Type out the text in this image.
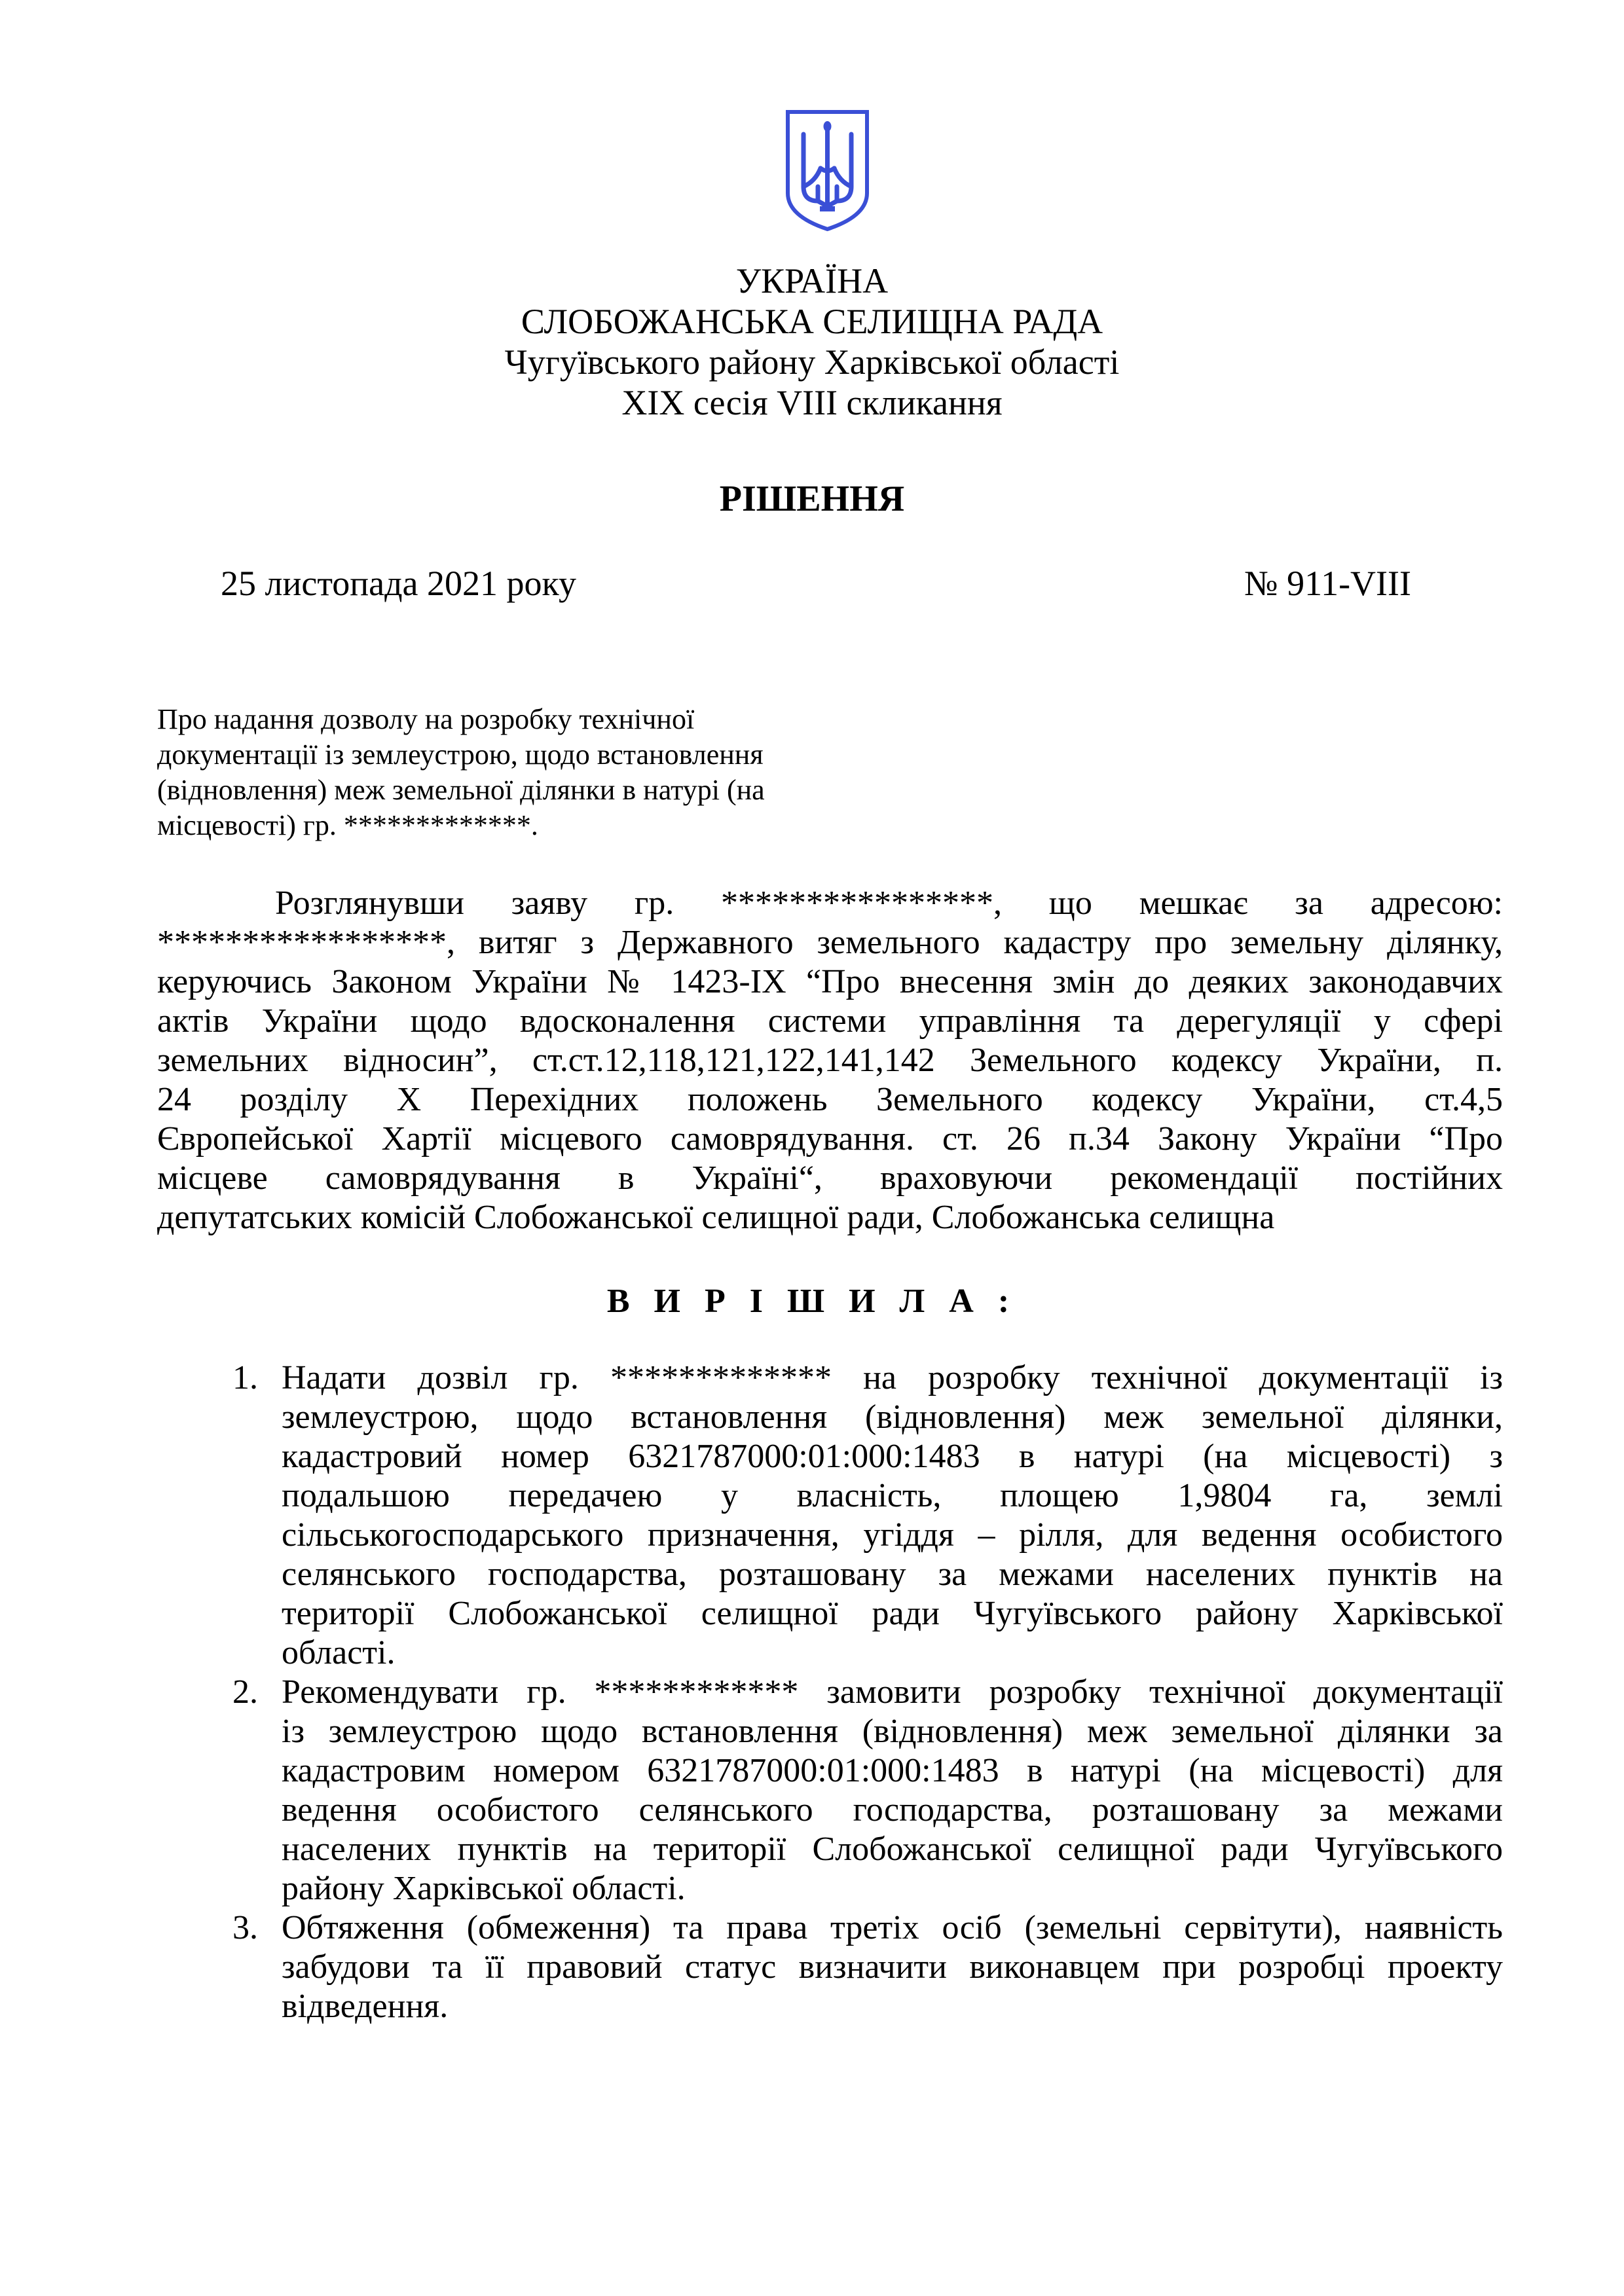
УКРАЇНА
СЛОБОЖАНСЬКА СЕЛИЩНА РАДА
Чугуївського району Харківської області
XIX сесія VIII скликання
РІШЕННЯ
25 листопада 2021 року	№ 911-VIII
Про надання дозволу на розробку технічної
документації із землеустрою, щодо встановлення
(відновлення) меж земельної ділянки в натурі (на
місцевості) гр. *************.
Розглянувши заяву гр. ****************, що мешкає за адресою:
*****************, витяг з Державного земельного кадастру про земельну ділянку,
керуючись Законом України № 1423-IX “Про внесення змін до деяких законодавчих
актів України щодо вдосконалення системи управління та дерегуляції у сфері
земельних відносин”, ст.ст.12,118,121,122,141,142 Земельного кодексу України, п.
24 розділу X Перехідних положень Земельного кодексу України, ст.4,5
Європейської Хартії місцевого самоврядування. ст. 26 п.34 Закону України “Про
місцеве самоврядування в Україні“, враховуючи рекомендації постійних
депутатських комісій Слобожанської селищної ради, Слобожанська селищна
В И Р І Ш И Л А :
1. Надати дозвіл гр. ************* на розробку технічної документації із
землеустрою, щодо встановлення (відновлення) меж земельної ділянки,
кадастровий номер 6321787000:01:000:1483 в натурі (на місцевості) з
подальшою передачею у власність, площею 1,9804 га, землі
сільськогосподарського призначення, угіддя – рілля, для ведення особистого
селянського господарства, розташовану за межами населених пунктів на
території Слобожанської селищної ради Чугуївського району Харківської
області.
2. Рекомендувати гр. ************ замовити розробку технічної документації
із землеустрою щодо встановлення (відновлення) меж земельної ділянки за
кадастровим номером 6321787000:01:000:1483 в натурі (на місцевості) для
ведення особистого селянського господарства, розташовану за межами
населених пунктів на території Слобожанської селищної ради Чугуївського
району Харківської області.
3. Обтяження (обмеження) та права третіх осіб (земельні сервітути), наявність
забудови та її правовий статус визначити виконавцем при розробці проекту
відведення.
